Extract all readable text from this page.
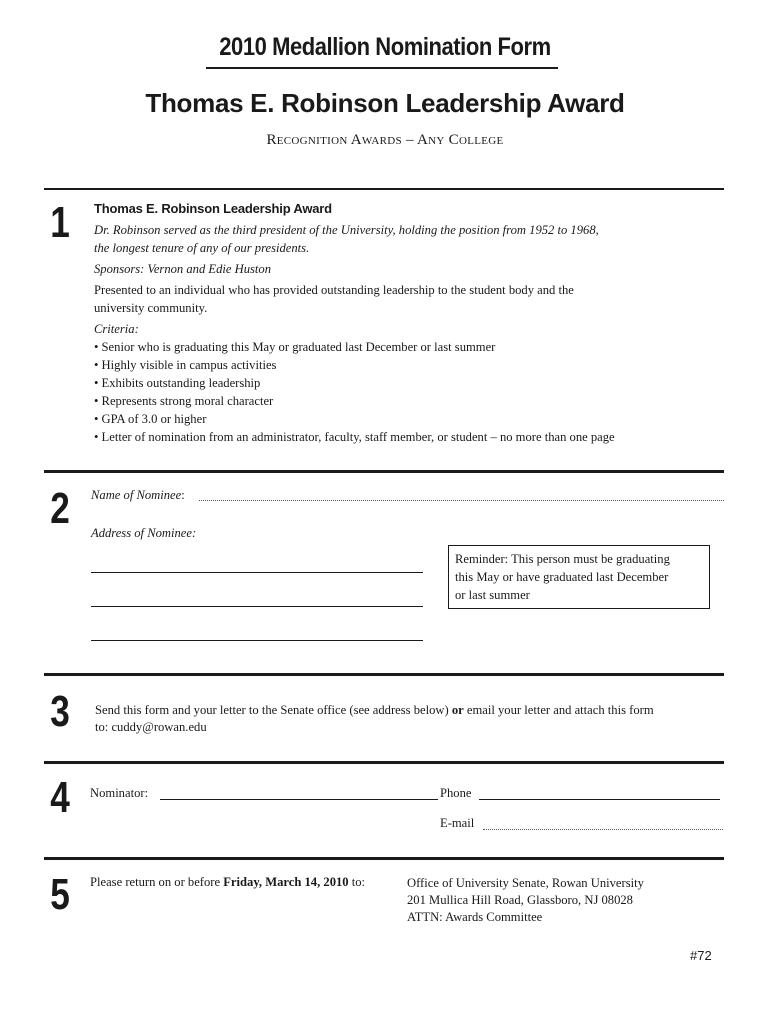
2010 Medallion Nomination Form
Thomas E. Robinson Leadership Award
Recognition Awards – Any College
1 Thomas E. Robinson Leadership Award
Dr. Robinson served as the third president of the University, holding the position from 1952 to 1968,
the longest tenure of any of our presidents.
Sponsors: Vernon and Edie Huston
Presented to an individual who has provided outstanding leadership to the student body and the
university community.
Criteria:
• Senior who is graduating this May or graduated last December or last summer
• Highly visible in campus activities
• Exhibits outstanding leadership
• Represents strong moral character
• GPA of 3.0 or higher
• Letter of nomination from an administrator, faculty, staff member, or student – no more than one page
2 Name of Nominee:
Address of Nominee:
Reminder: This person must be graduating
this May or have graduated last December
or last summer
3 Send this form and your letter to the Senate office (see address below) or email your letter and attach this form
to: cuddy@rowan.edu
4 Nominator:	Phone
E-mail
5 Please return on or before Friday, March 14, 2010 to:	Office of University Senate, Rowan University
201 Mullica Hill Road, Glassboro, NJ 08028
ATTN: Awards Committee
#72
